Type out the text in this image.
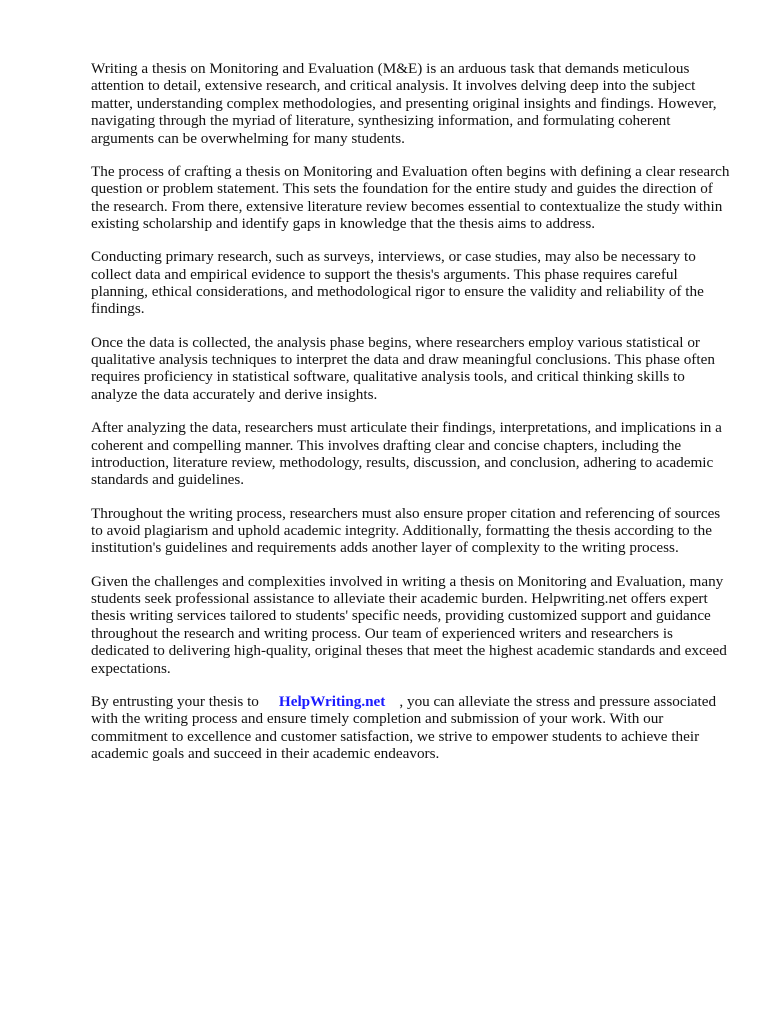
Writing a thesis on Monitoring and Evaluation (M&E) is an arduous task that demands meticulous attention to detail, extensive research, and critical analysis. It involves delving deep into the subject matter, understanding complex methodologies, and presenting original insights and findings. However, navigating through the myriad of literature, synthesizing information, and formulating coherent arguments can be overwhelming for many students.

The process of crafting a thesis on Monitoring and Evaluation often begins with defining a clear research question or problem statement. This sets the foundation for the entire study and guides the direction of the research. From there, extensive literature review becomes essential to contextualize the study within existing scholarship and identify gaps in knowledge that the thesis aims to address.

Conducting primary research, such as surveys, interviews, or case studies, may also be necessary to collect data and empirical evidence to support the thesis's arguments. This phase requires careful planning, ethical considerations, and methodological rigor to ensure the validity and reliability of the findings.

Once the data is collected, the analysis phase begins, where researchers employ various statistical or qualitative analysis techniques to interpret the data and draw meaningful conclusions. This phase often requires proficiency in statistical software, qualitative analysis tools, and critical thinking skills to analyze the data accurately and derive insights.

After analyzing the data, researchers must articulate their findings, interpretations, and implications in a coherent and compelling manner. This involves drafting clear and concise chapters, including the introduction, literature review, methodology, results, discussion, and conclusion, adhering to academic standards and guidelines.

Throughout the writing process, researchers must also ensure proper citation and referencing of sources to avoid plagiarism and uphold academic integrity. Additionally, formatting the thesis according to the institution's guidelines and requirements adds another layer of complexity to the writing process.

Given the challenges and complexities involved in writing a thesis on Monitoring and Evaluation, many students seek professional assistance to alleviate their academic burden. Helpwriting.net offers expert thesis writing services tailored to students' specific needs, providing customized support and guidance throughout the research and writing process. Our team of experienced writers and researchers is dedicated to delivering high-quality, original theses that meet the highest academic standards and exceed expectations.

By entrusting your thesis to HelpWriting.net , you can alleviate the stress and pressure associated with the writing process and ensure timely completion and submission of your work. With our commitment to excellence and customer satisfaction, we strive to empower students to achieve their academic goals and succeed in their academic endeavors.
